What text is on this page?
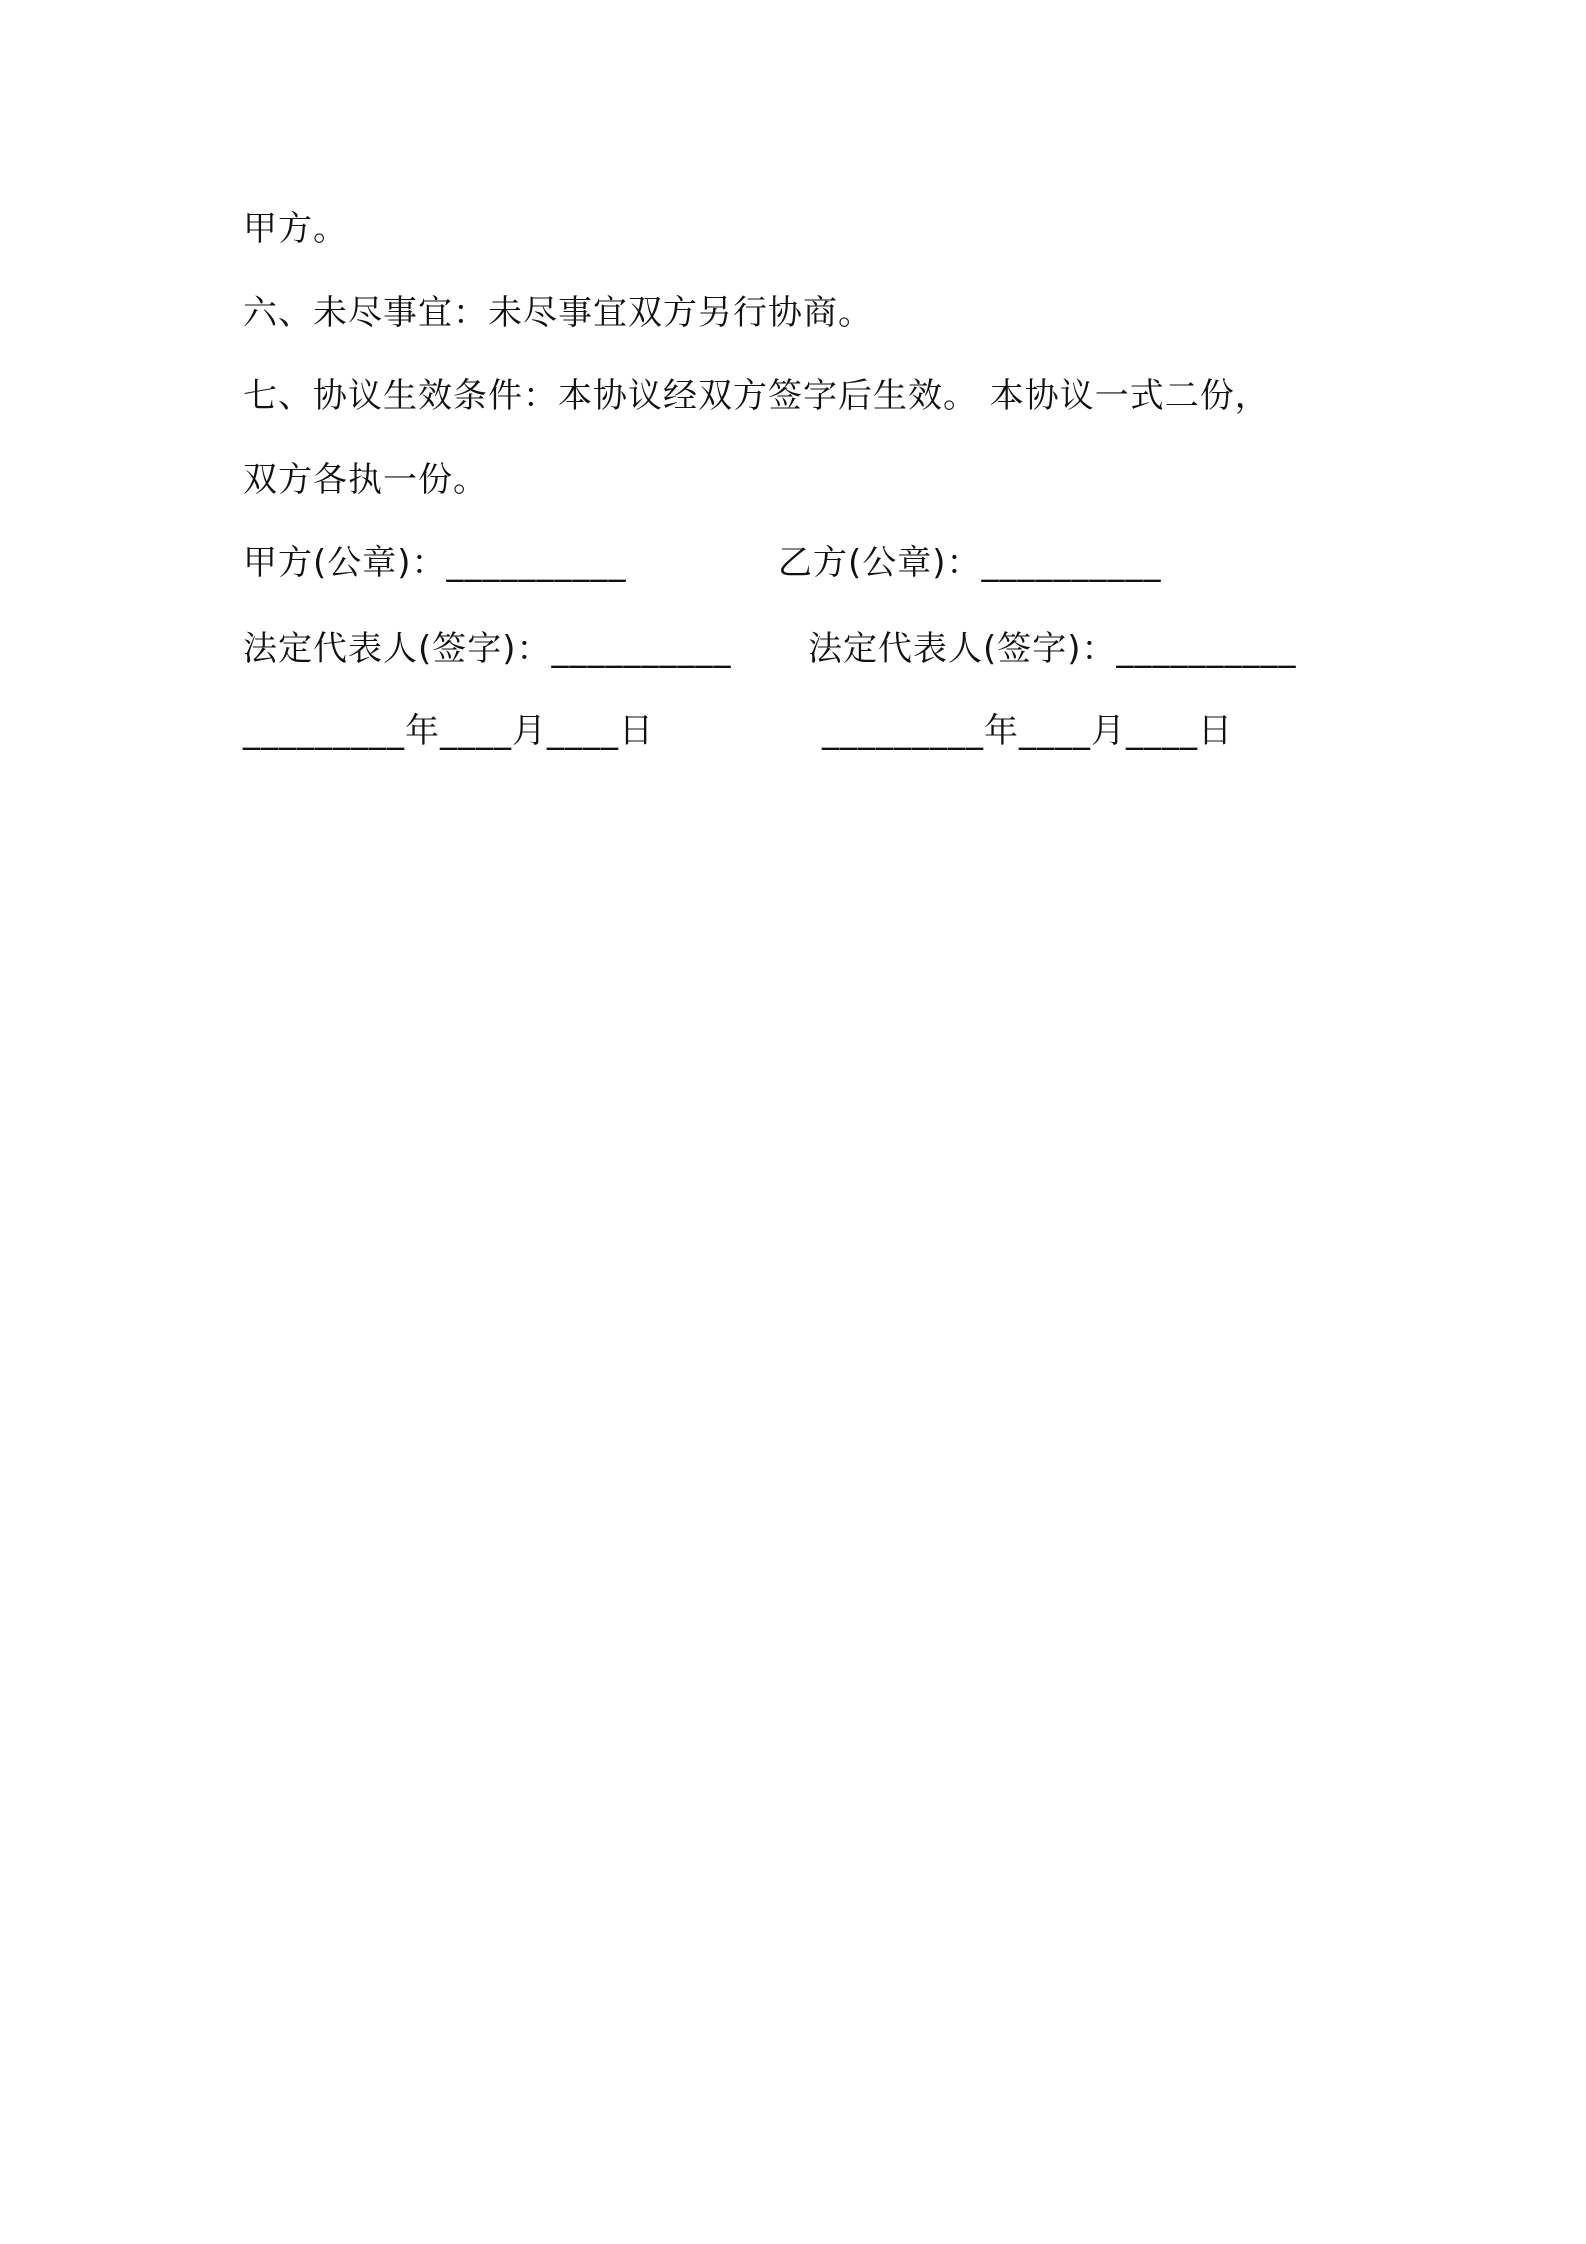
甲方。
六、未尽事宜：未尽事宜双方另行协商。
七、协议生效条件：本协议经双方签字后生效。 本协议一式二份，
双方各执一份。
甲方(公章)：__________	乙方(公章)：__________
法定代表人(签字)：__________ 法定代表人(签字)：__________
_________年____月____日	_________年____月____日
